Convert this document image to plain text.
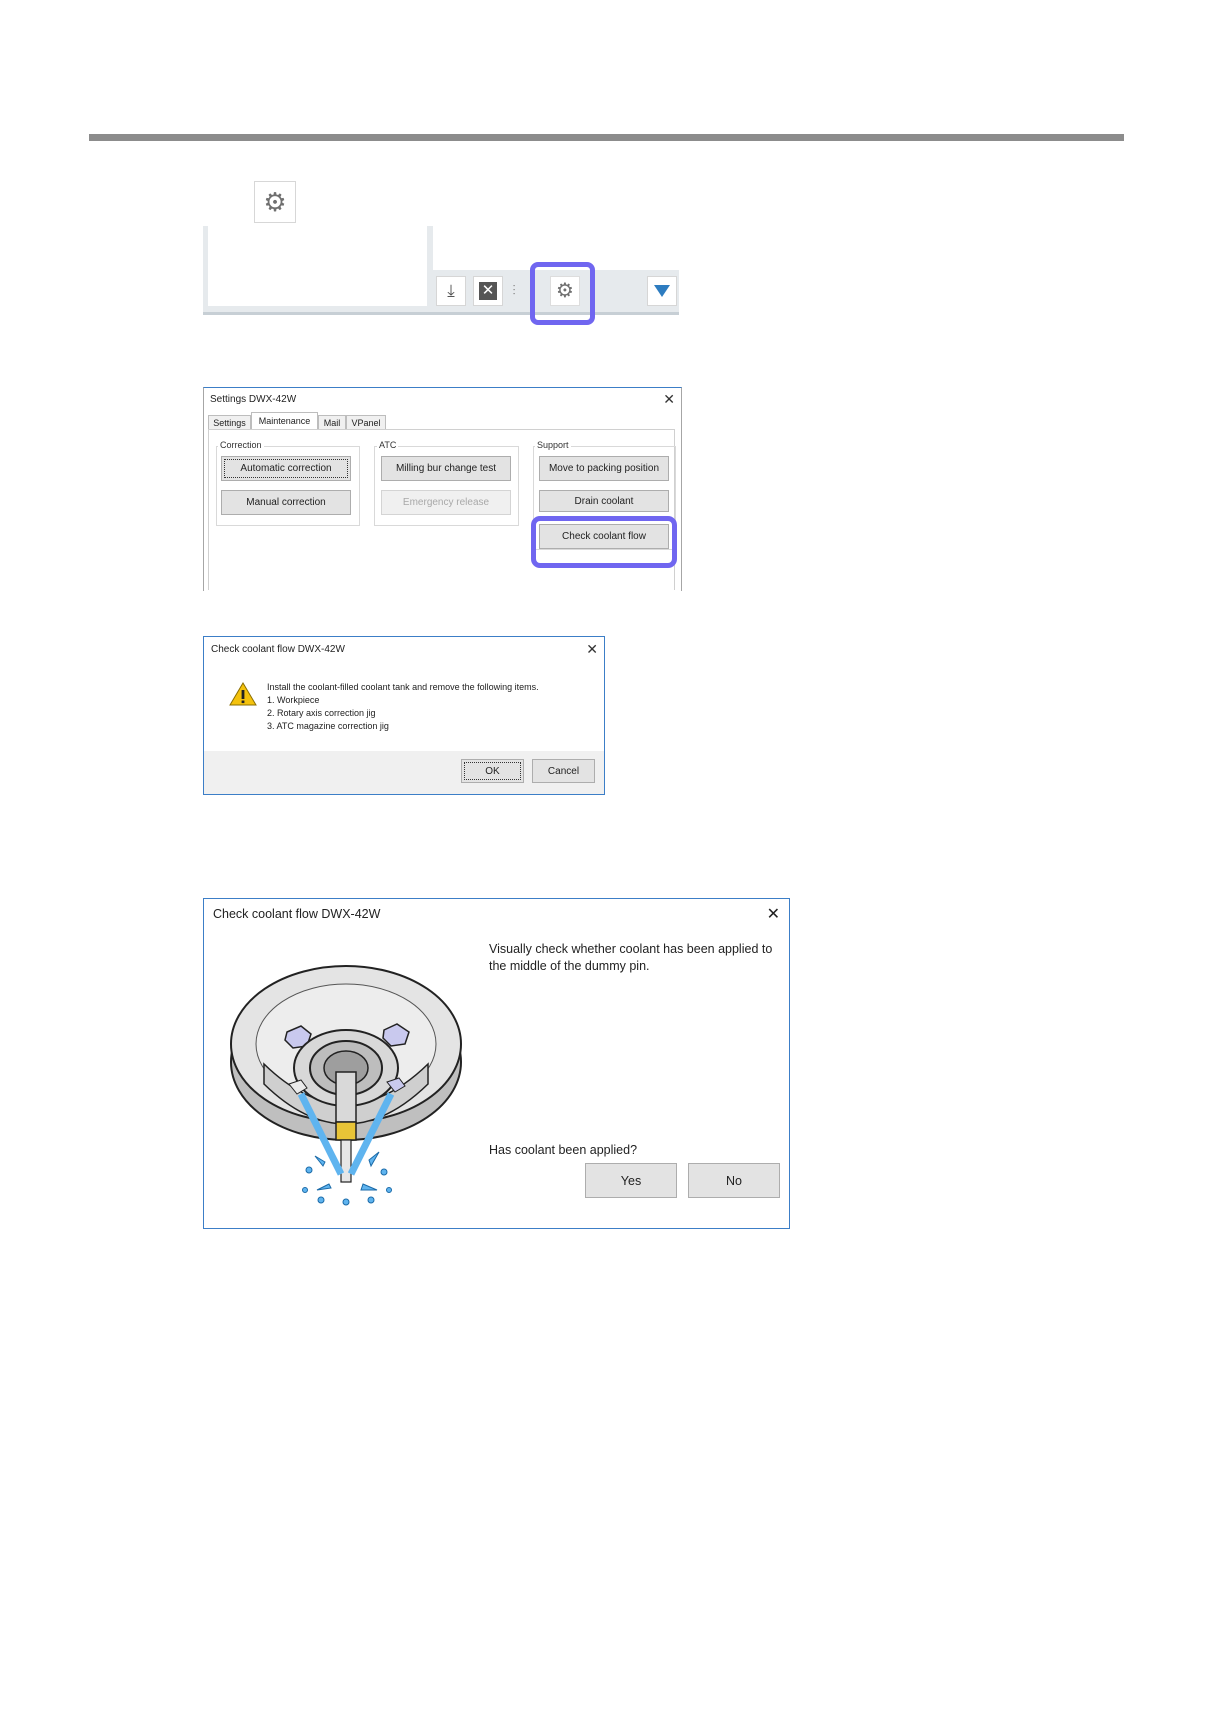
⚙
⤓ ✕ ⫶ ⚙
Settings DWX-42W	✕
Settings	Maintenance	Mail	VPanel
Correction
Automatic correction
Manual correction
ATC
Milling bur change test
Emergency release
Support
Move to packing position
Drain coolant
Check coolant flow
Check coolant flow DWX-42W	✕
Install the coolant-filled coolant tank and remove the following items.
1. Workpiece
2. Rotary axis correction jig
3. ATC magazine correction jig
OK	Cancel
Check coolant flow DWX-42W	✕
Visually check whether coolant has been applied to the middle of the dummy pin.
Has coolant been applied?
Yes	No
